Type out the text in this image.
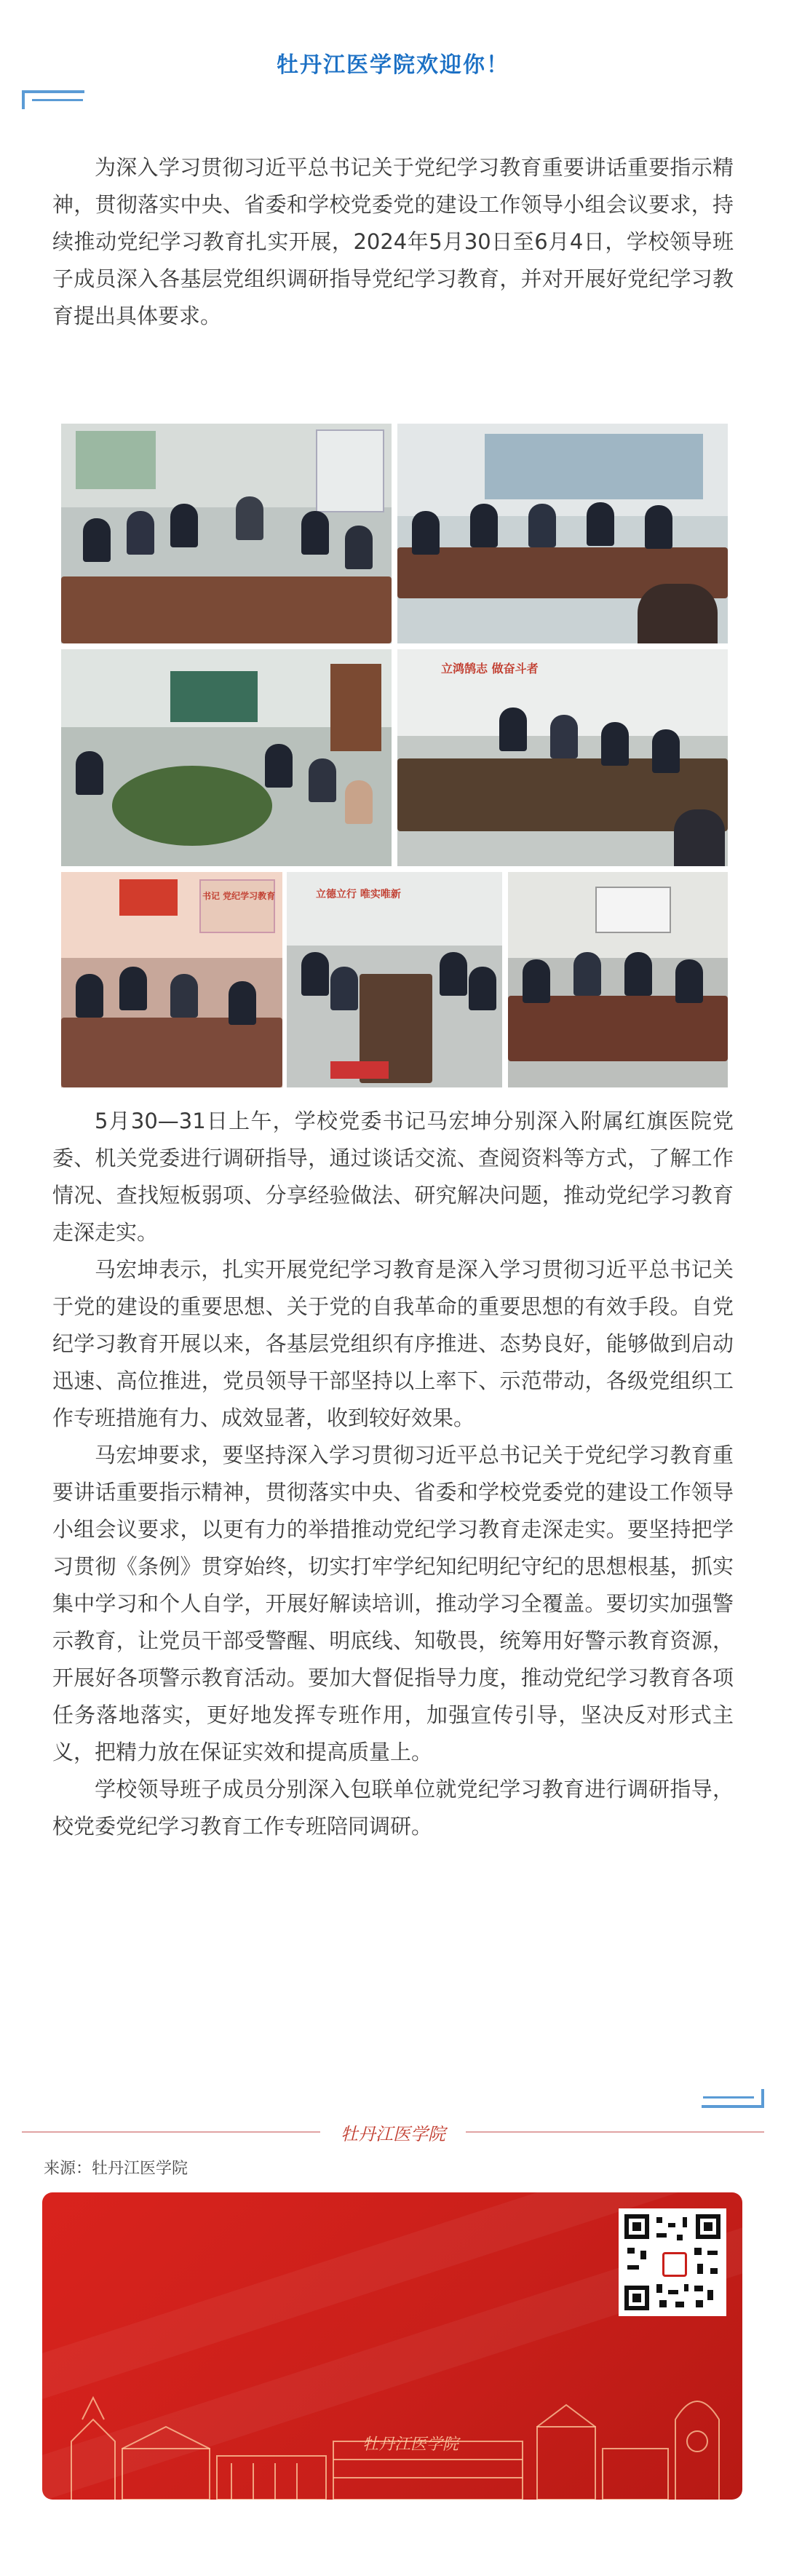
牡丹江医学院欢迎你！

为深入学习贯彻习近平总书记关于党纪学习教育重要讲话重要指示精神，贯彻落实中央、省委和学校党委党的建设工作领导小组会议要求，持续推动党纪学习教育扎实开展，2024年5月30日至6月4日，学校领导班子成员深入各基层党组织调研指导党纪学习教育，并对开展好党纪学习教育提出具体要求。

立鸿鹄志 做奋斗者
书记 党纪学习教育	立德立行 唯实唯新

5月30—31日上午，学校党委书记马宏坤分别深入附属红旗医院党委、机关党委进行调研指导，通过谈话交流、查阅资料等方式，了解工作情况、查找短板弱项、分享经验做法、研究解决问题，推动党纪学习教育走深走实。

马宏坤表示，扎实开展党纪学习教育是深入学习贯彻习近平总书记关于党的建设的重要思想、关于党的自我革命的重要思想的有效手段。自党纪学习教育开展以来，各基层党组织有序推进、态势良好，能够做到启动迅速、高位推进，党员领导干部坚持以上率下、示范带动，各级党组织工作专班措施有力、成效显著，收到较好效果。

马宏坤要求，要坚持深入学习贯彻习近平总书记关于党纪学习教育重要讲话重要指示精神，贯彻落实中央、省委和学校党委党的建设工作领导小组会议要求，以更有力的举措推动党纪学习教育走深走实。要坚持把学习贯彻《条例》贯穿始终，切实打牢学纪知纪明纪守纪的思想根基，抓实集中学习和个人自学，开展好解读培训，推动学习全覆盖。要切实加强警示教育，让党员干部受警醒、明底线、知敬畏，统筹用好警示教育资源，开展好各项警示教育活动。要加大督促指导力度，推动党纪学习教育各项任务落地落实，更好地发挥专班作用，加强宣传引导，坚决反对形式主义，把精力放在保证实效和提高质量上。

学校领导班子成员分别深入包联单位就党纪学习教育进行调研指导，校党委党纪学习教育工作专班陪同调研。

牡丹江医学院
来源：牡丹江医学院
牡丹江医学院
